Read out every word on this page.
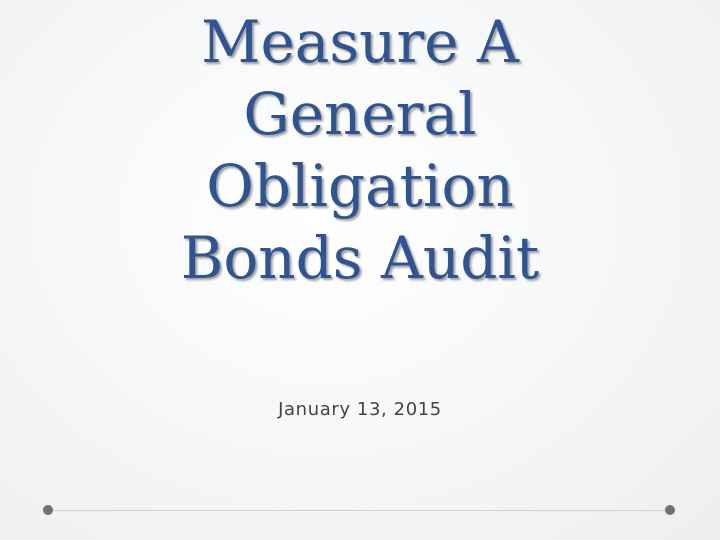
Measure A
General
Obligation
Bonds Audit
January 13, 2015
